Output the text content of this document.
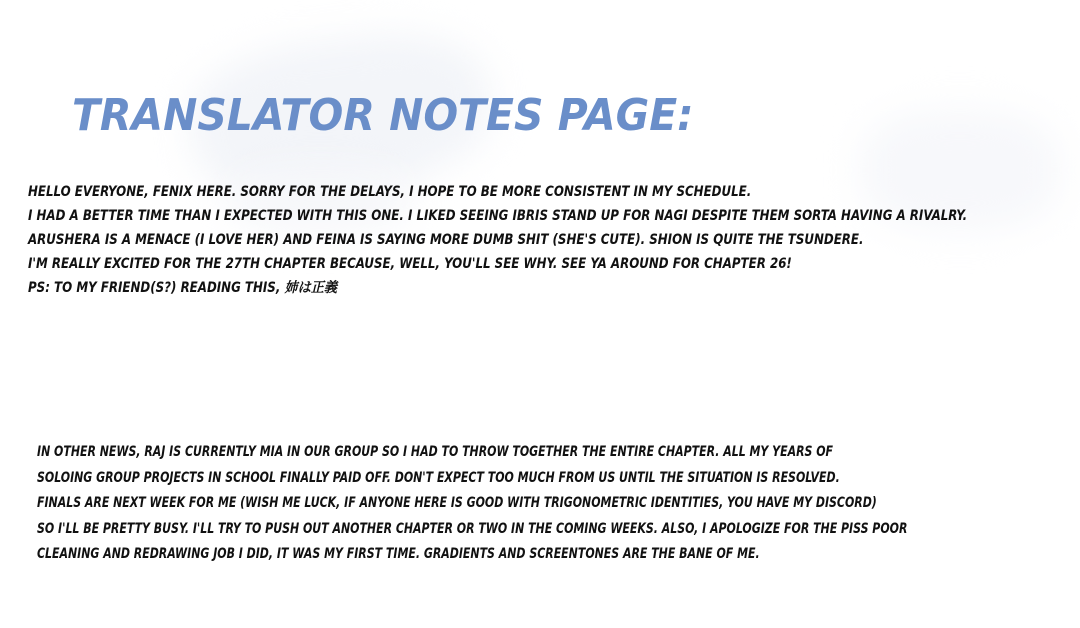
TRANSLATOR NOTES PAGE:
HELLO EVERYONE, FENIX HERE. SORRY FOR THE DELAYS, I HOPE TO BE MORE CONSISTENT IN MY SCHEDULE.
I HAD A BETTER TIME THAN I EXPECTED WITH THIS ONE. I LIKED SEEING IBRIS STAND UP FOR NAGI DESPITE THEM SORTA HAVING A RIVALRY.
ARUSHERA IS A MENACE (I LOVE HER) AND FEINA IS SAYING MORE DUMB SHIT (SHE'S CUTE). SHION IS QUITE THE TSUNDERE.
I'M REALLY EXCITED FOR THE 27TH CHAPTER BECAUSE, WELL, YOU'LL SEE WHY. SEE YA AROUND FOR CHAPTER 26!
PS: TO MY FRIEND(S?) READING THIS, 姉は正義
IN OTHER NEWS, RAJ IS CURRENTLY MIA IN OUR GROUP SO I HAD TO THROW TOGETHER THE ENTIRE CHAPTER. ALL MY YEARS OF
SOLOING GROUP PROJECTS IN SCHOOL FINALLY PAID OFF. DON'T EXPECT TOO MUCH FROM US UNTIL THE SITUATION IS RESOLVED.
FINALS ARE NEXT WEEK FOR ME (WISH ME LUCK, IF ANYONE HERE IS GOOD WITH TRIGONOMETRIC IDENTITIES, YOU HAVE MY DISCORD)
SO I'LL BE PRETTY BUSY. I'LL TRY TO PUSH OUT ANOTHER CHAPTER OR TWO IN THE COMING WEEKS. ALSO, I APOLOGIZE FOR THE PISS POOR
CLEANING AND REDRAWING JOB I DID, IT WAS MY FIRST TIME. GRADIENTS AND SCREENTONES ARE THE BANE OF ME.
